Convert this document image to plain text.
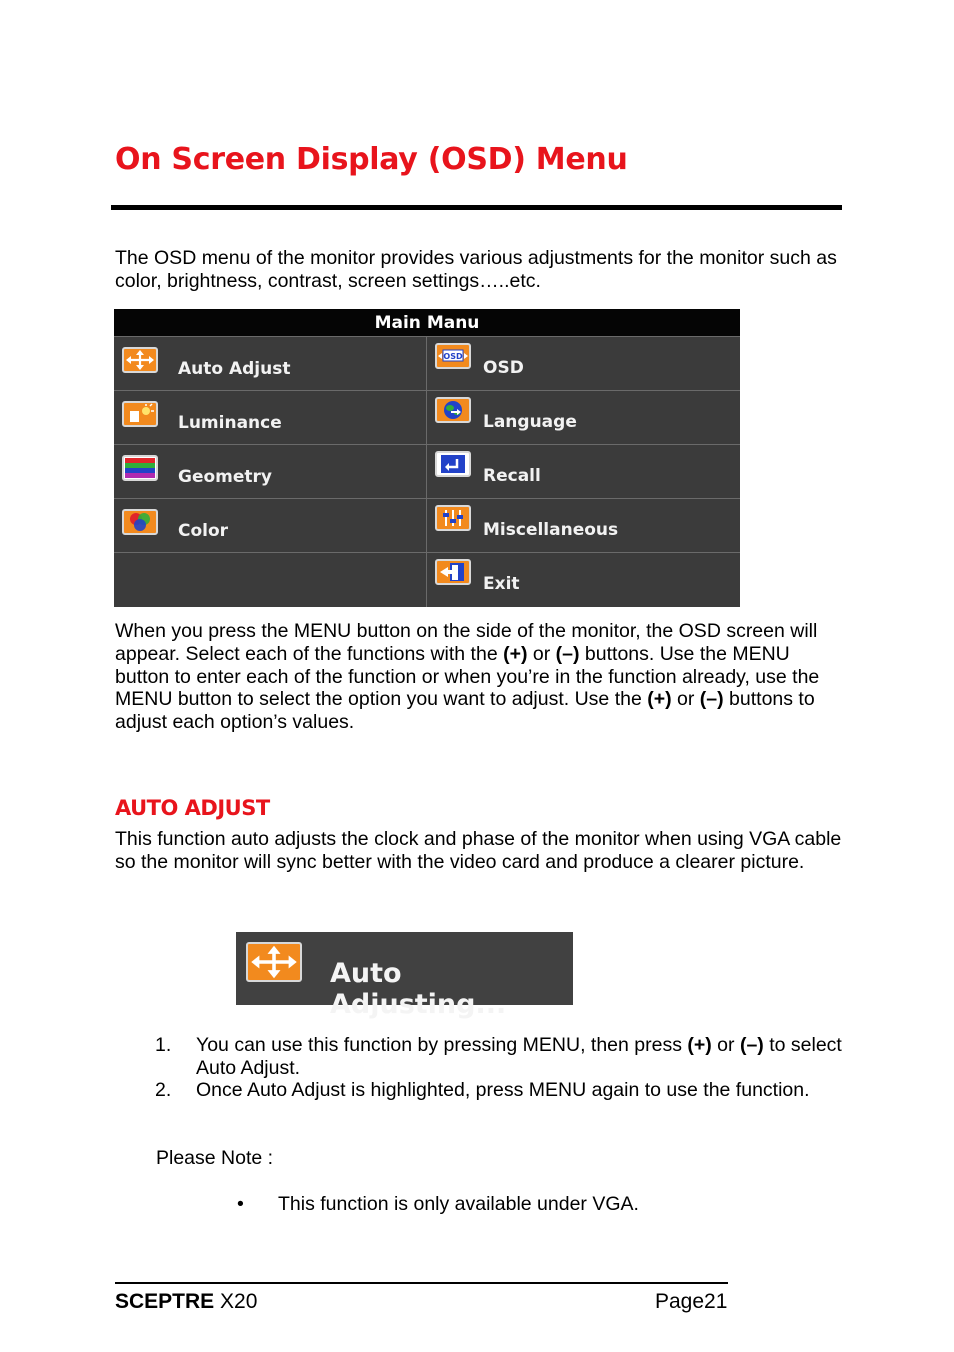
On Screen Display (OSD) Menu
The OSD menu of the monitor provides various adjustments for the monitor such as color, brightness, contrast, screen settings…..etc.
Main Manu
Auto Adjust
Luminance
Geometry
Color
OSD
OSD
Language
Recall
Miscellaneous
Exit
When you press the MENU button on the side of the monitor, the OSD screen will appear. Select each of the functions with the (+) or (–) buttons. Use the MENU button to enter each of the function or when you’re in the function already, use the MENU button to select the option you want to adjust. Use the (+) or (–) buttons to adjust each option’s values.
AUTO ADJUST
This function auto adjusts the clock and phase of the monitor when using VGA cable so the monitor will sync better with the video card and produce a clearer picture.
Auto Adjusting...
1. You can use this function by pressing MENU, then press (+) or (–) to select Auto Adjust.
2. Once Auto Adjust is highlighted, press MENU again to use the function.
Please Note :
• This function is only available under VGA.
SCEPTRE X20	Page21
